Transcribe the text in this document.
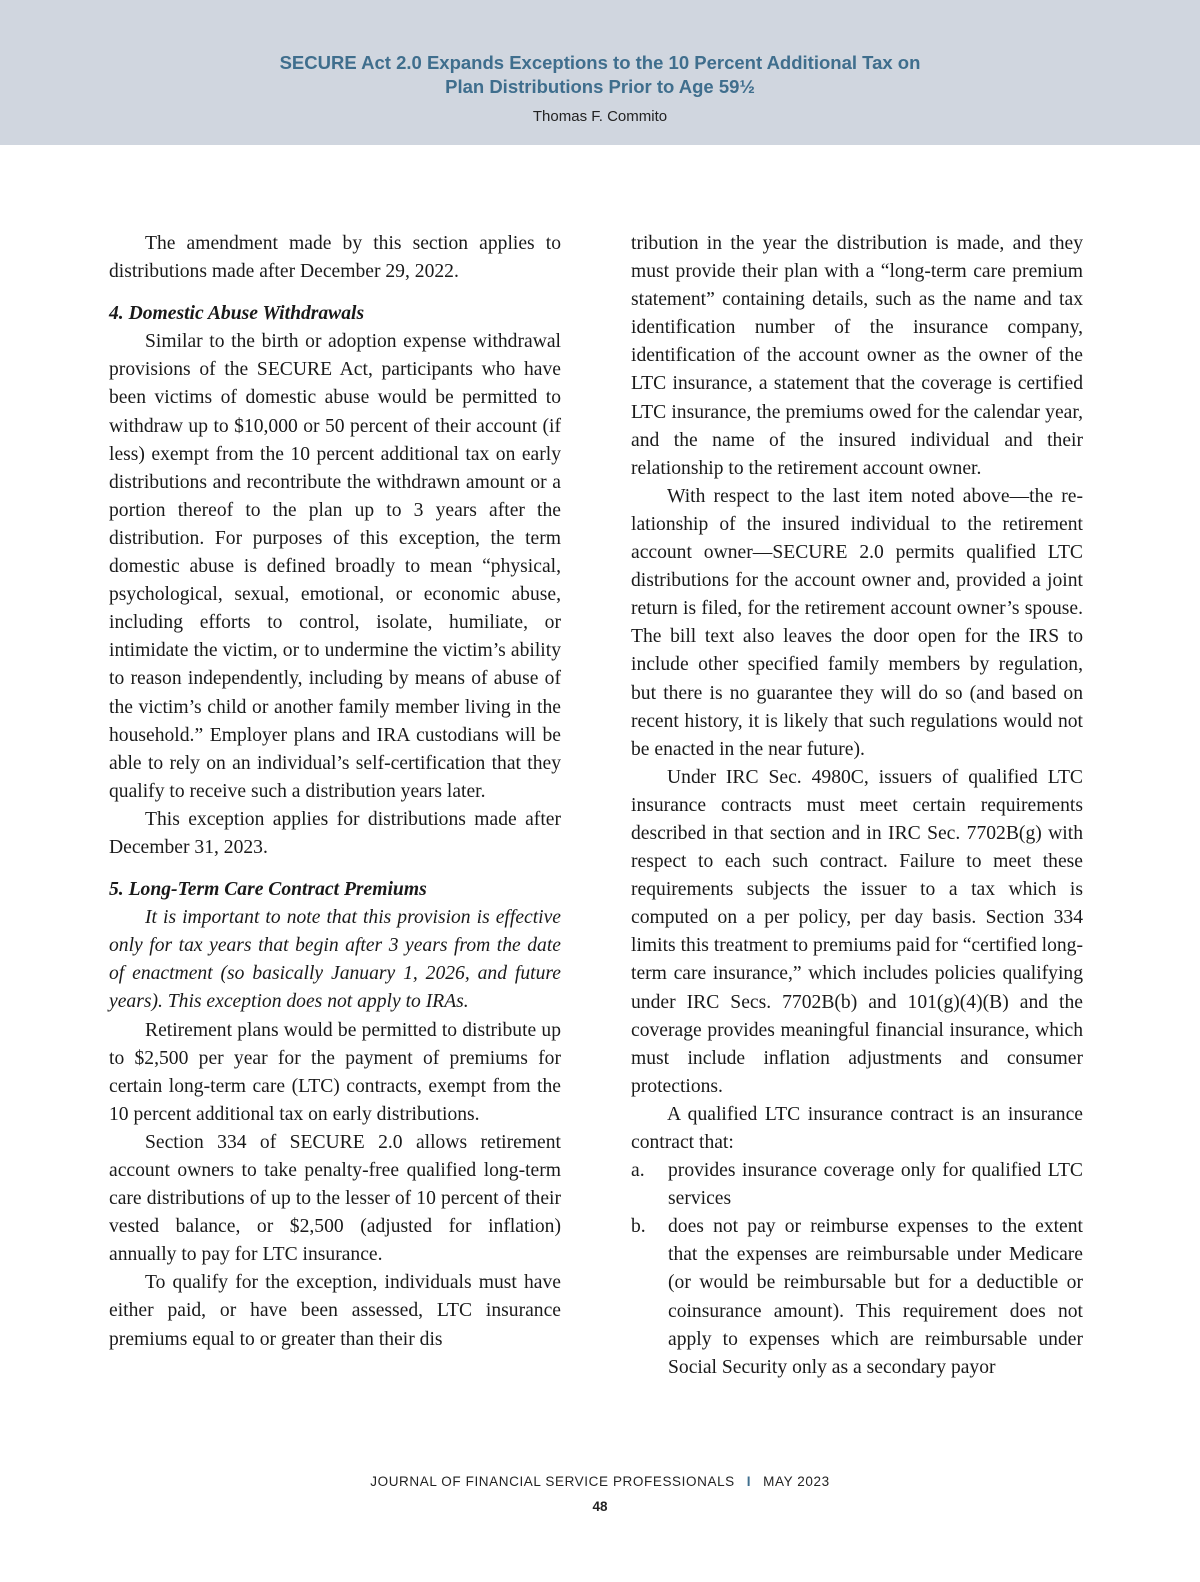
SECURE Act 2.0 Expands Exceptions to the 10 Percent Additional Tax on
Plan Distributions Prior to Age 59½
Thomas F. Commito

The amendment made by this section applies to distributions made after December 29, 2022.

4. Domestic Abuse Withdrawals

Similar to the birth or adoption expense withdrawal provisions of the SECURE Act, participants who have been victims of domestic abuse would be permitted to withdraw up to $10,000 or 50 percent of their account (if less) exempt from the 10 percent additional tax on early distributions and recontribute the withdrawn amount or a portion thereof to the plan up to 3 years after the distribution. For purposes of this exception, the term domestic abuse is defined broadly to mean “physical, psychological, sexual, emotional, or economic abuse, including efforts to control, isolate, humiliate, or intimidate the victim, or to undermine the victim’s ability to reason independently, including by means of abuse of the victim’s child or another family member living in the household.” Employer plans and IRA custodians will be able to rely on an individual’s self-certification that they qualify to receive such a distribution years later.

This exception applies for distributions made after December 31, 2023.

5. Long-Term Care Contract Premiums

It is important to note that this provision is effective only for tax years that begin after 3 years from the date of enactment (so basically January 1, 2026, and future years). This exception does not apply to IRAs.

Retirement plans would be permitted to distribute up to $2,500 per year for the payment of premiums for certain long-term care (LTC) contracts, exempt from the 10 percent additional tax on early distributions.

Section 334 of SECURE 2.0 allows retirement account owners to take penalty-free qualified long-term care distributions of up to the lesser of 10 percent of their vested balance, or $2,500 (adjusted for inflation) annually to pay for LTC insurance.

To qualify for the exception, individuals must have either paid, or have been assessed, LTC insurance premiums equal to or greater than their dis

tribution in the year the distribution is made, and they must provide their plan with a “long-term care premium statement” containing details, such as the name and tax identification number of the insurance company, identification of the account owner as the owner of the LTC insurance, a statement that the coverage is certified LTC insurance, the premiums owed for the calendar year, and the name of the insured individual and their relationship to the retirement account owner.

With respect to the last item noted above—the relationship of the insured individual to the retirement account owner—SECURE 2.0 permits qualified LTC distributions for the account owner and, provided a joint return is filed, for the retirement account owner’s spouse. The bill text also leaves the door open for the IRS to include other specified family members by regulation, but there is no guarantee they will do so (and based on recent history, it is likely that such regulations would not be enacted in the near future).

Under IRC Sec. 4980C, issuers of qualified LTC insurance contracts must meet certain requirements described in that section and in IRC Sec. 7702B(g) with respect to each such contract. Failure to meet these requirements subjects the issuer to a tax which is computed on a per policy, per day basis. Section 334 limits this treatment to premiums paid for “certified long-term care insurance,” which includes policies qualifying under IRC Secs. 7702B(b) and 101(g)(4)(B) and the coverage provides meaningful financial insurance, which must include inflation adjustments and consumer protections.

A qualified LTC insurance contract is an insurance contract that:

a.	provides insurance coverage only for qualified LTC services
b.	does not pay or reimburse expenses to the extent that the expenses are reimbursable under Medicare (or would be reimbursable but for a deductible or coinsurance amount). This requirement does not apply to expenses which are reimbursable under Social Security only as a secondary payor
JOURNAL OF FINANCIAL SERVICE PROFESSIONALS I MAY 2023
48
